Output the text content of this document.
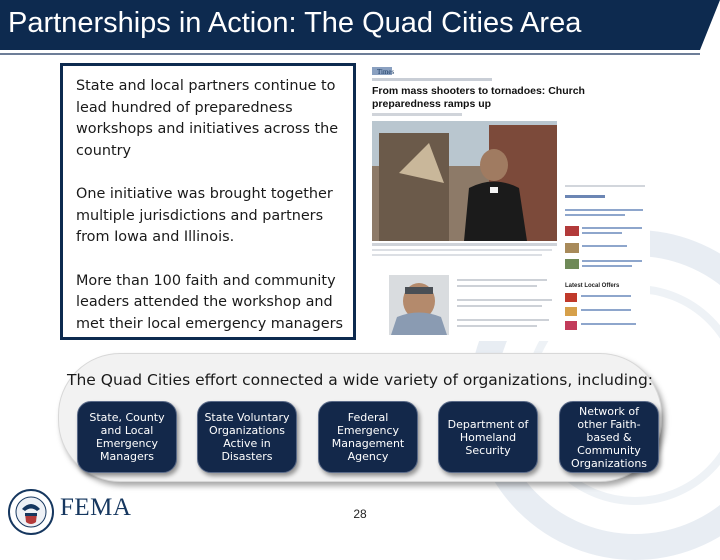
Partnerships in Action: The Quad Cities Area

State and local partners continue to lead hundred of preparedness workshops and initiatives across the country

One initiative was brought together multiple jurisdictions and partners from Iowa and Illinois.

More than 100 faith and community leaders attended the workshop and met their local emergency managers

Times
From mass shooters to tornadoes: Church
preparedness ramps up
Latest Local Offers
The Quad Cities effort connected a wide variety of organizations, including:
State, County and Local Emergency Managers
State Voluntary Organizations Active in Disasters
Federal Emergency Management Agency
Department of Homeland Security
Network of other Faith-based & Community Organizations
28
FEMA
